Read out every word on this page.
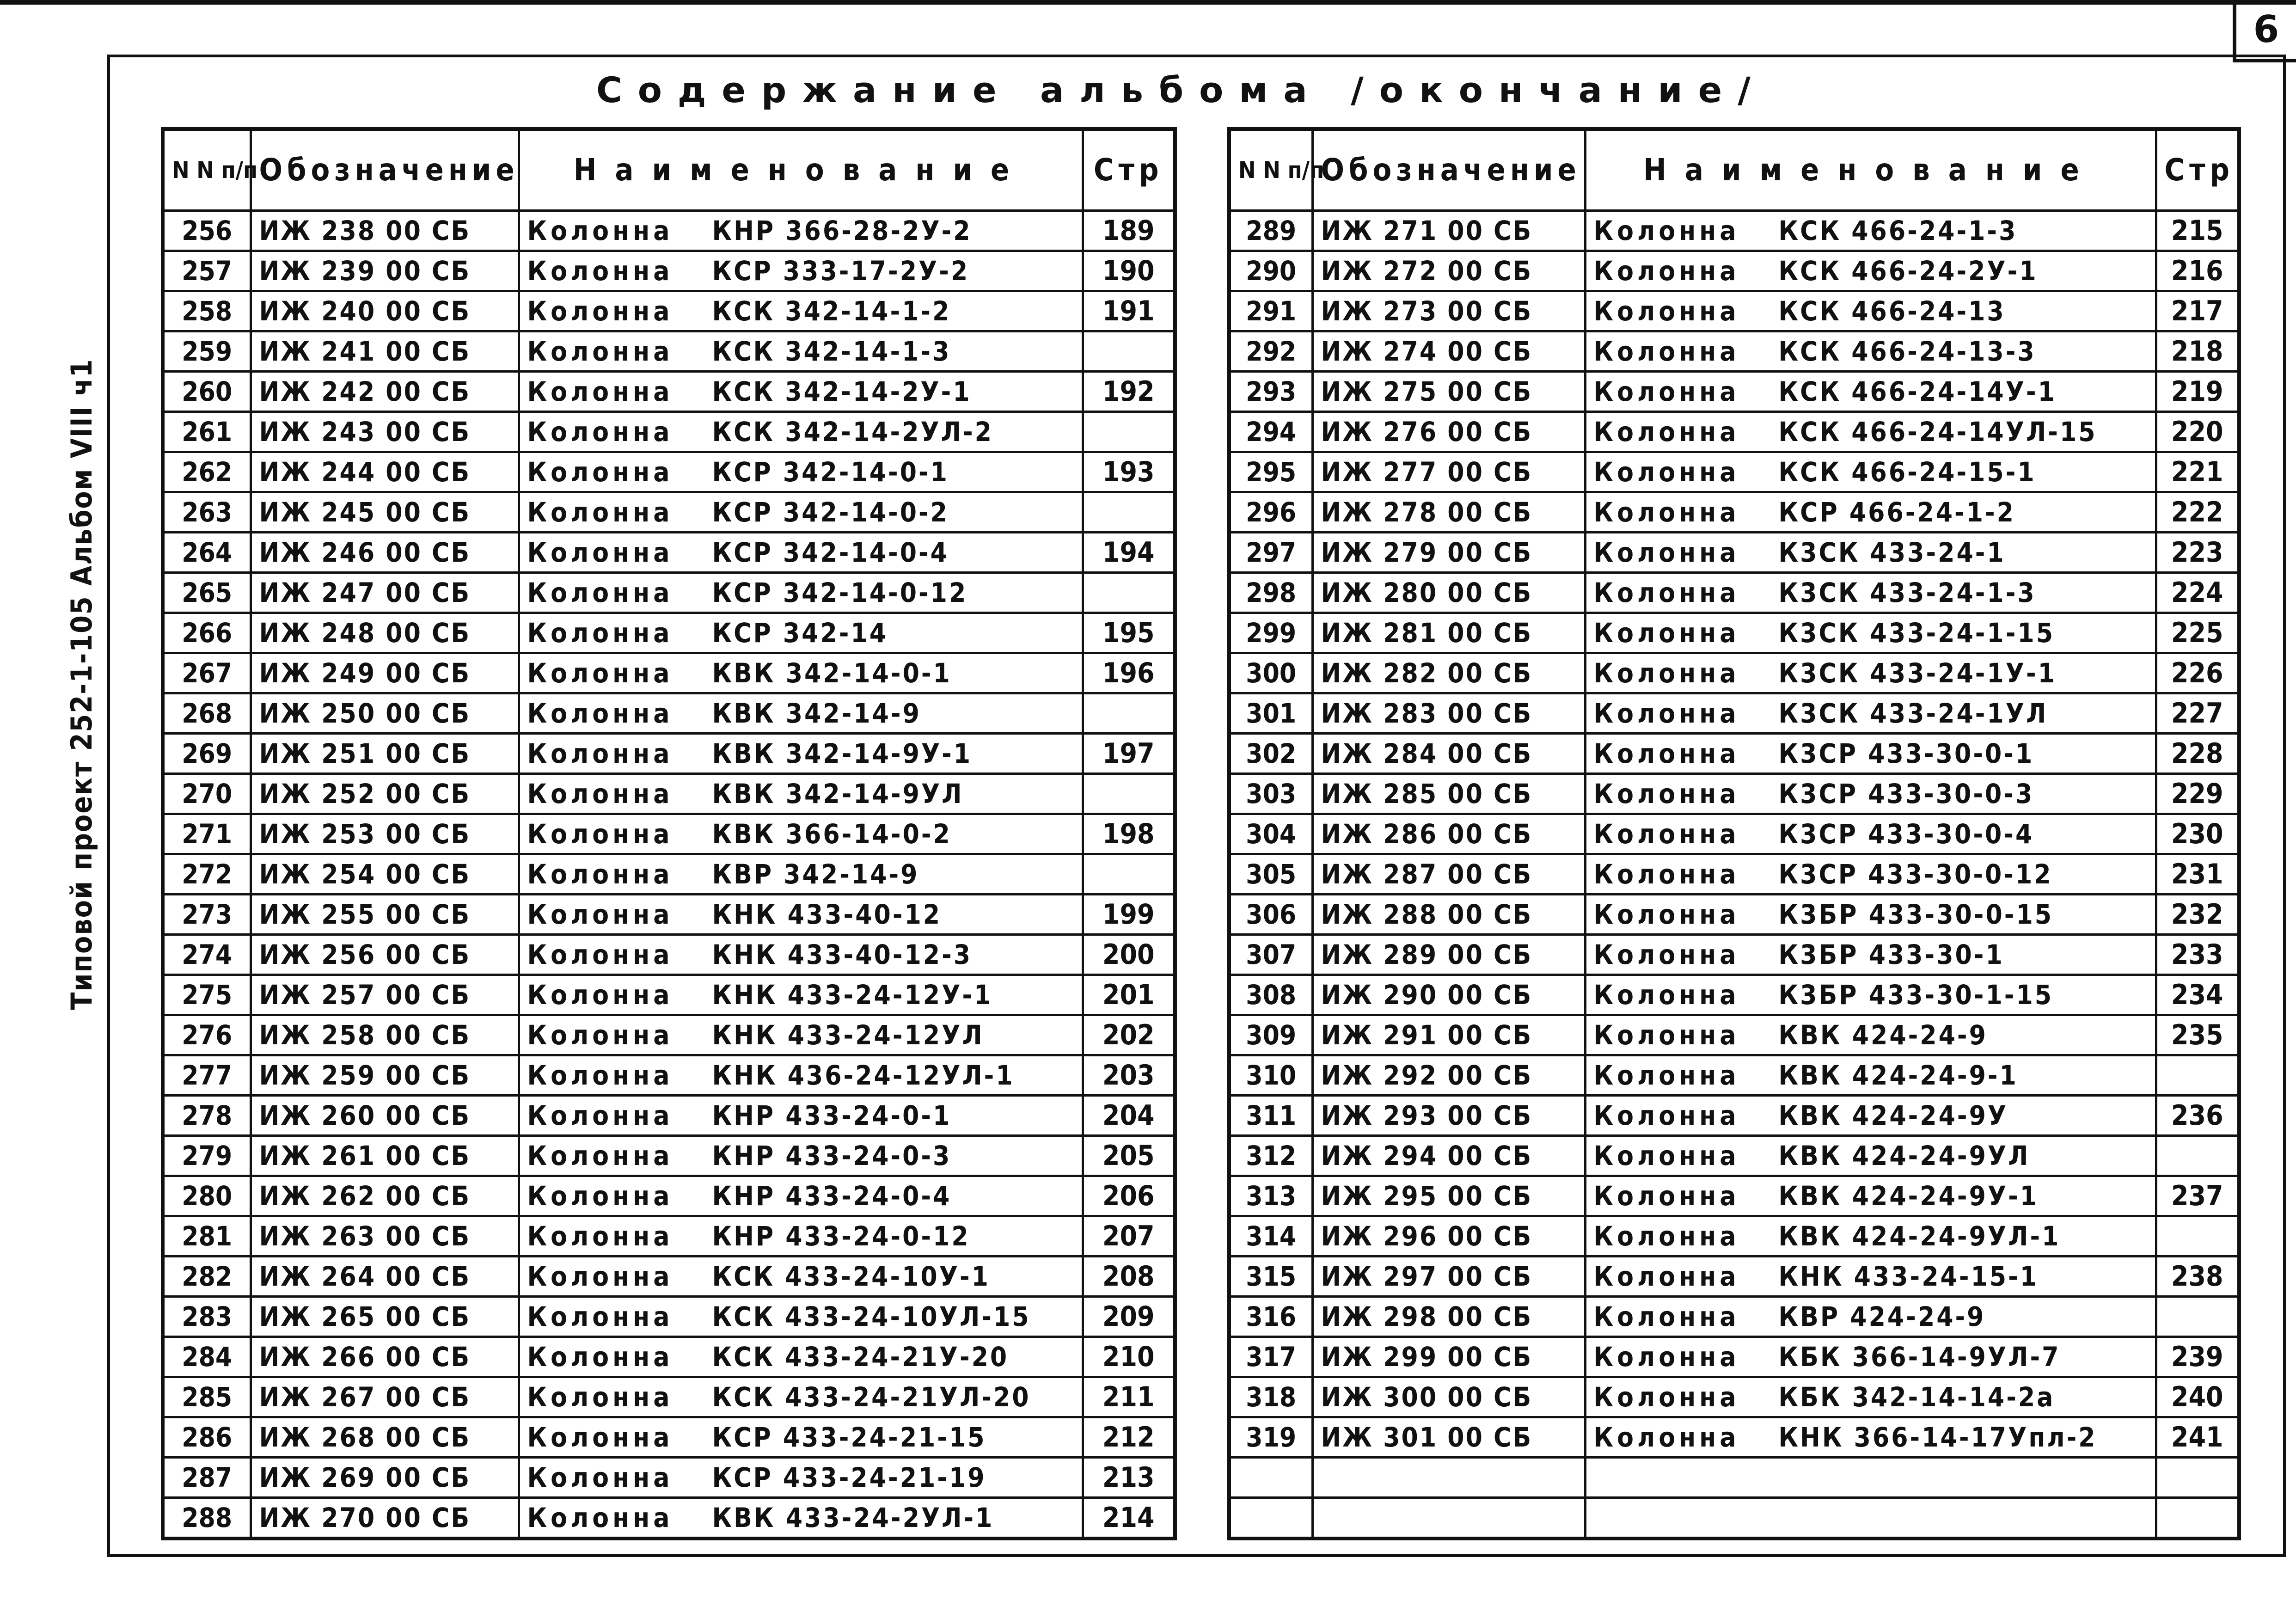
6
Типовой проект 252-1-105 Альбом VIII ч1
Содержание альбома /окончание/
N N п/п	Обозначение	Наименование	Стр
256	ИЖ 238 00 СБ	Колонна КНР 366-28-2У-2	189
257	ИЖ 239 00 СБ	Колонна КСР 333-17-2У-2	190
258	ИЖ 240 00 СБ	Колонна КСК 342-14-1-2	191
259	ИЖ 241 00 СБ	Колонна КСК 342-14-1-3	
260	ИЖ 242 00 СБ	Колонна КСК 342-14-2У-1	192
261	ИЖ 243 00 СБ	Колонна КСК 342-14-2УЛ-2	
262	ИЖ 244 00 СБ	Колонна КСР 342-14-0-1	193
263	ИЖ 245 00 СБ	Колонна КСР 342-14-0-2	
264	ИЖ 246 00 СБ	Колонна КСР 342-14-0-4	194
265	ИЖ 247 00 СБ	Колонна КСР 342-14-0-12	
266	ИЖ 248 00 СБ	Колонна КСР 342-14	195
267	ИЖ 249 00 СБ	Колонна КВК 342-14-0-1	196
268	ИЖ 250 00 СБ	Колонна КВК 342-14-9	
269	ИЖ 251 00 СБ	Колонна КВК 342-14-9У-1	197
270	ИЖ 252 00 СБ	Колонна КВК 342-14-9УЛ	
271	ИЖ 253 00 СБ	Колонна КВК 366-14-0-2	198
272	ИЖ 254 00 СБ	Колонна КВР 342-14-9	
273	ИЖ 255 00 СБ	Колонна КНК 433-40-12	199
274	ИЖ 256 00 СБ	Колонна КНК 433-40-12-3	200
275	ИЖ 257 00 СБ	Колонна КНК 433-24-12У-1	201
276	ИЖ 258 00 СБ	Колонна КНК 433-24-12УЛ	202
277	ИЖ 259 00 СБ	Колонна КНК 436-24-12УЛ-1	203
278	ИЖ 260 00 СБ	Колонна КНР 433-24-0-1	204
279	ИЖ 261 00 СБ	Колонна КНР 433-24-0-3	205
280	ИЖ 262 00 СБ	Колонна КНР 433-24-0-4	206
281	ИЖ 263 00 СБ	Колонна КНР 433-24-0-12	207
282	ИЖ 264 00 СБ	Колонна КСК 433-24-10У-1	208
283	ИЖ 265 00 СБ	Колонна КСК 433-24-10УЛ-15	209
284	ИЖ 266 00 СБ	Колонна КСК 433-24-21У-20	210
285	ИЖ 267 00 СБ	Колонна КСК 433-24-21УЛ-20	211
286	ИЖ 268 00 СБ	Колонна КСР 433-24-21-15	212
287	ИЖ 269 00 СБ	Колонна КСР 433-24-21-19	213
288	ИЖ 270 00 СБ	Колонна КВК 433-24-2УЛ-1	214
N N п/п	Обозначение	Наименование	Стр
289	ИЖ 271 00 СБ	Колонна КСК 466-24-1-3	215
290	ИЖ 272 00 СБ	Колонна КСК 466-24-2У-1	216
291	ИЖ 273 00 СБ	Колонна КСК 466-24-13	217
292	ИЖ 274 00 СБ	Колонна КСК 466-24-13-3	218
293	ИЖ 275 00 СБ	Колонна КСК 466-24-14У-1	219
294	ИЖ 276 00 СБ	Колонна КСК 466-24-14УЛ-15	220
295	ИЖ 277 00 СБ	Колонна КСК 466-24-15-1	221
296	ИЖ 278 00 СБ	Колонна КСР 466-24-1-2	222
297	ИЖ 279 00 СБ	Колонна К3СК 433-24-1	223
298	ИЖ 280 00 СБ	Колонна К3СК 433-24-1-3	224
299	ИЖ 281 00 СБ	Колонна К3СК 433-24-1-15	225
300	ИЖ 282 00 СБ	Колонна К3СК 433-24-1У-1	226
301	ИЖ 283 00 СБ	Колонна К3СК 433-24-1УЛ	227
302	ИЖ 284 00 СБ	Колонна К3СР 433-30-0-1	228
303	ИЖ 285 00 СБ	Колонна К3СР 433-30-0-3	229
304	ИЖ 286 00 СБ	Колонна К3СР 433-30-0-4	230
305	ИЖ 287 00 СБ	Колонна К3СР 433-30-0-12	231
306	ИЖ 288 00 СБ	Колонна К3БР 433-30-0-15	232
307	ИЖ 289 00 СБ	Колонна К3БР 433-30-1	233
308	ИЖ 290 00 СБ	Колонна К3БР 433-30-1-15	234
309	ИЖ 291 00 СБ	Колонна КВК 424-24-9	235
310	ИЖ 292 00 СБ	Колонна КВК 424-24-9-1	
311	ИЖ 293 00 СБ	Колонна КВК 424-24-9У	236
312	ИЖ 294 00 СБ	Колонна КВК 424-24-9УЛ	
313	ИЖ 295 00 СБ	Колонна КВК 424-24-9У-1	237
314	ИЖ 296 00 СБ	Колонна КВК 424-24-9УЛ-1	
315	ИЖ 297 00 СБ	Колонна КНК 433-24-15-1	238
316	ИЖ 298 00 СБ	Колонна КВР 424-24-9	
317	ИЖ 299 00 СБ	Колонна КБК 366-14-9УЛ-7	239
318	ИЖ 300 00 СБ	Колонна КБК 342-14-14-2а	240
319	ИЖ 301 00 СБ	Колонна КНК 366-14-17Упл-2	241
